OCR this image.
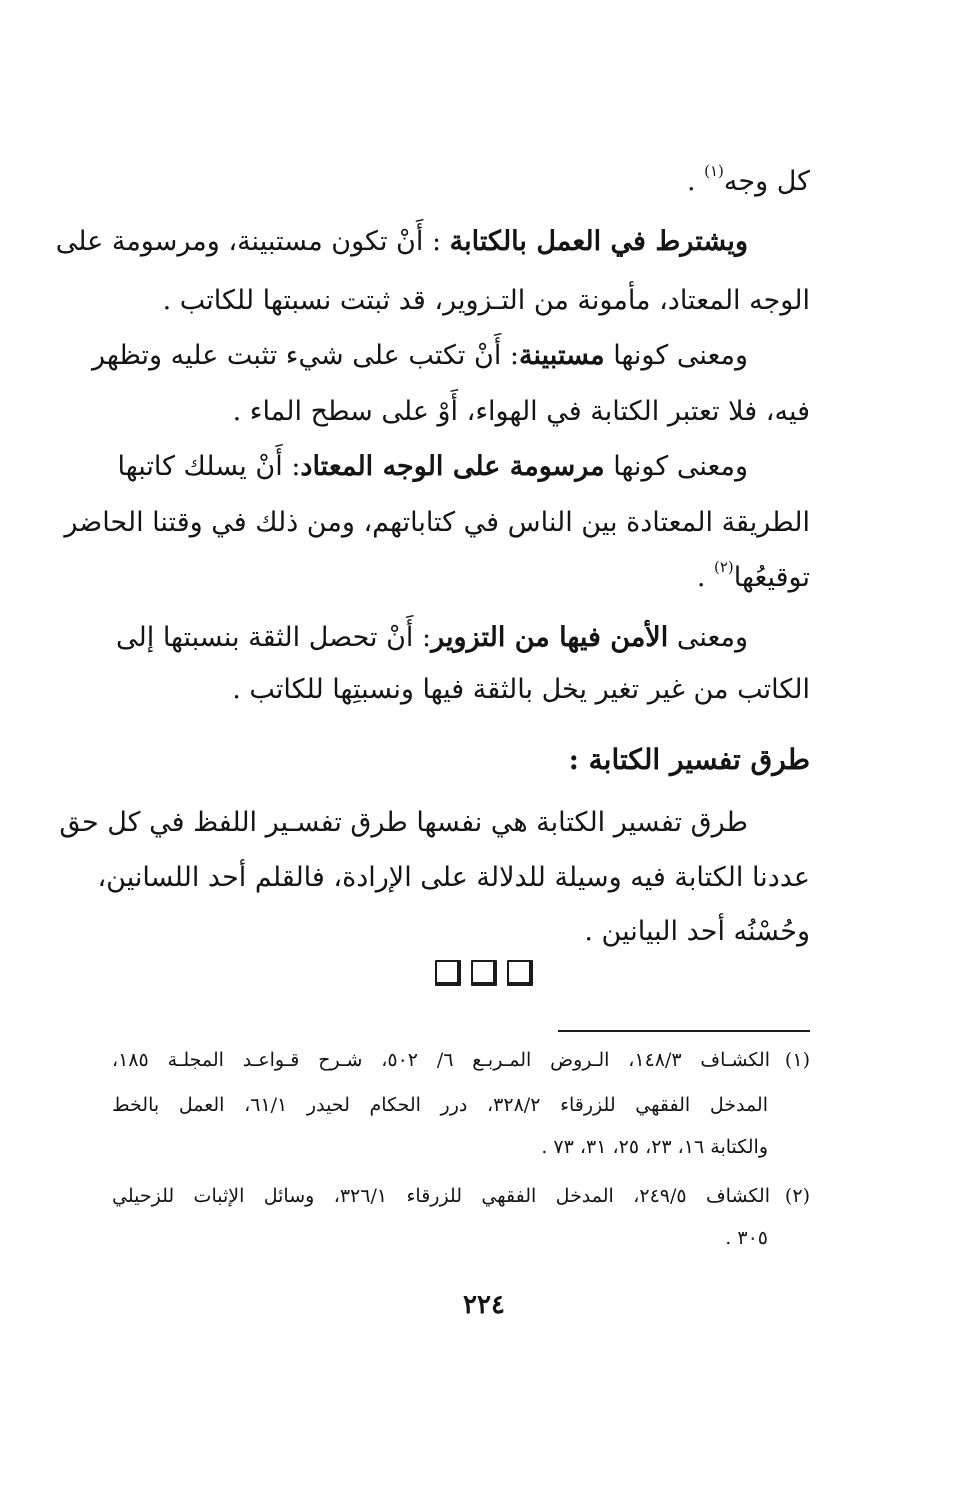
كل وجه$^{(١)}$ .
ويشترط في العمل بالكتابة : أَنْ تكون مستبينة، ومرسومة على
الوجه المعتاد، مأمونة من التـزوير، قد ثبتت نسبتها للكاتب .
ومعنى كونها مستبينة: أَنْ تكتب على شيء تثبت عليه وتظهر
فيه، فلا تعتبر الكتابة في الهواء، أَوْ على سطح الماء .
ومعنى كونها مرسومة على الوجه المعتاد: أَنْ يسلك كاتبها
الطريقة المعتادة بين الناس في كتاباتهم، ومن ذلك في وقتنا الحاضر
توقيعُها$^{(٢)}$ .
ومعنى الأمن فيها من التزوير: أَنْ تحصل الثقة بنسبتها إلى
الكاتب من غير تغير يخل بالثقة فيها ونسبتِها للكاتب .
طرق تفسير الكتابة :
طرق تفسير الكتابة هي نفسها طرق تفسـير اللفظ في كل حق
عددنا الكتابة فيه وسيلة للدلالة على الإرادة، فالقلم أحد اللسانين،
وحُسْنُه أحد البيانين .
(١)الكشـاف ١٤٨/٣، الـروض المـربـع ٦/ ٥٠٢، شـرح قـواعـد المجلـة ١٨٥،
المدخل الفقهي للزرقاء ٣٢٨/٢، درر الحكام لحيدر ٦١/١، العمل بالخط
والكتابة ١٦، ٢٣، ٢٥، ٣١، ٧٣ .
(٢)الكشاف ٢٤٩/٥، المدخل الفقهي للزرقاء ٣٢٦/١، وسائل الإثبات للزحيلي
٣٠٥ .
٢٢٤
